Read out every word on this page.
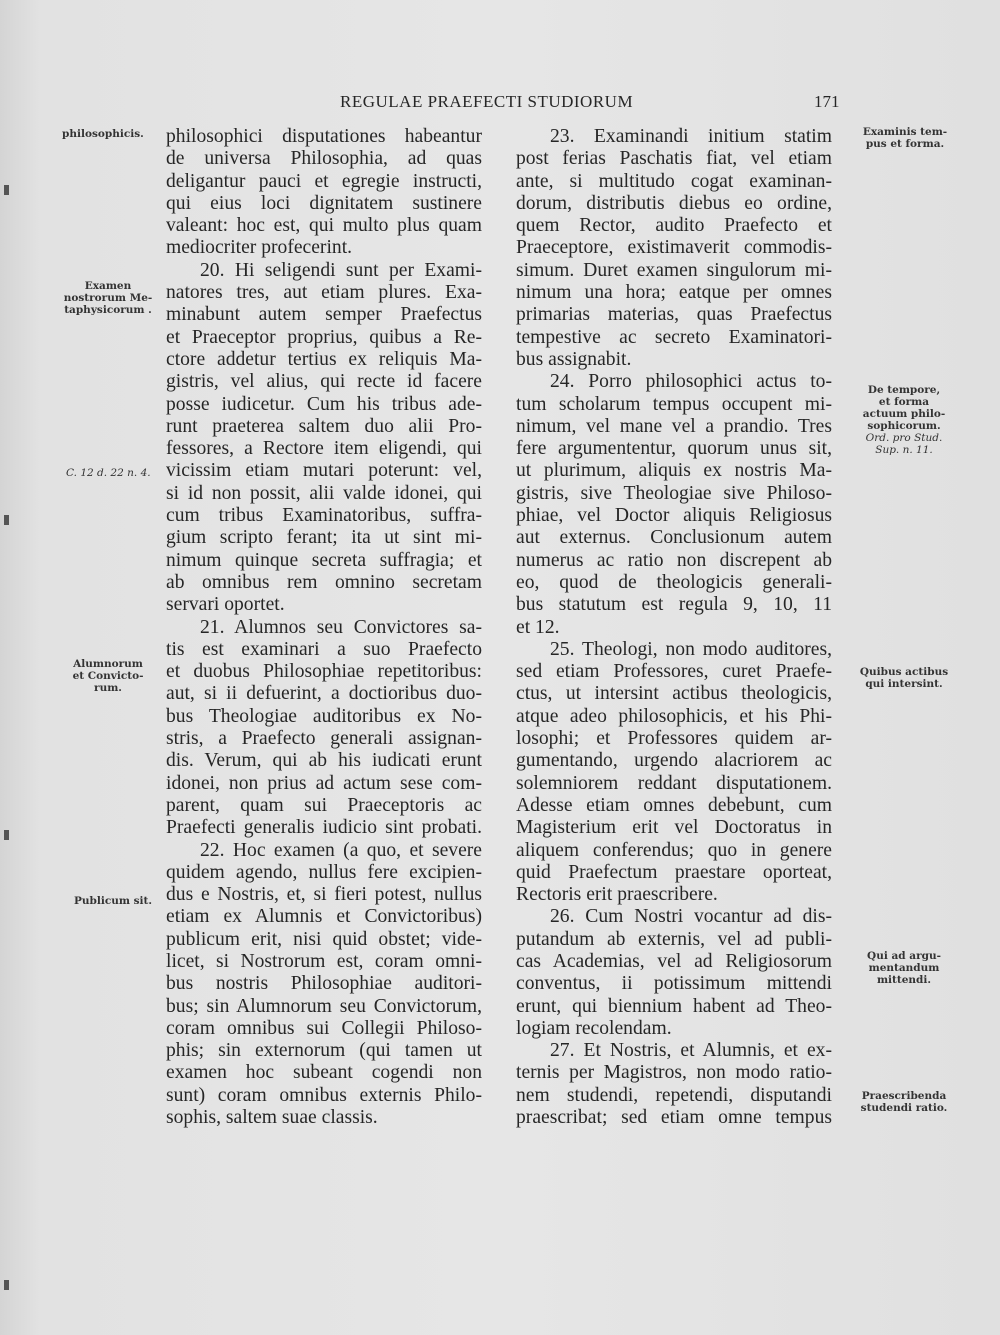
REGULAE PRAEFECTI STUDIORUM	171
philosophicis.
Examen
nostrorum Me-
taphysicorum .
C. 12 d. 22 n. 4.
Alumnorum
et Convicto-
rum.
Publicum sit.
Examinis tem-
pus et forma.
De tempore,
et forma
actuum philo-
sophicorum.
Ord. pro Stud.
Sup. n. 11.
Quibus actibus
qui intersint.
Qui ad argu-
mentandum
mittendi.
Praescribenda
studendi ratio.
philosophici disputationes habeantur
de universa Philosophia, ad quas
deligantur pauci et egregie instructi,
qui eius loci dignitatem sustinere
valeant: hoc est, qui multo plus quam
mediocriter profecerint.
20. Hi seligendi sunt per Exami-
natores tres, aut etiam plures. Exa-
minabunt autem semper Praefectus
et Praeceptor proprius, quibus a Re-
ctore addetur tertius ex reliquis Ma-
gistris, vel alius, qui recte id facere
posse iudicetur. Cum his tribus ade-
runt praeterea saltem duo alii Pro-
fessores, a Rectore item eligendi, qui
vicissim etiam mutari poterunt: vel,
si id non possit, alii valde idonei, qui
cum tribus Examinatoribus, suffra-
gium scripto ferant; ita ut sint mi-
nimum quinque secreta suffragia; et
ab omnibus rem omnino secretam
servari oportet.
21. Alumnos seu Convictores sa-
tis est examinari a suo Praefecto
et duobus Philosophiae repetitoribus:
aut, si ii defuerint, a doctioribus duo-
bus Theologiae auditoribus ex No-
stris, a Praefecto generali assignan-
dis. Verum, qui ab his iudicati erunt
idonei, non prius ad actum sese com-
parent, quam sui Praeceptoris ac
Praefecti generalis iudicio sint probati.
22. Hoc examen (a quo, et severe
quidem agendo, nullus fere excipien-
dus e Nostris, et, si fieri potest, nullus
etiam ex Alumnis et Convictoribus)
publicum erit, nisi quid obstet; vide-
licet, si Nostrorum est, coram omni-
bus nostris Philosophiae auditori-
bus; sin Alumnorum seu Convictorum,
coram omnibus sui Collegii Philoso-
phis; sin externorum (qui tamen ut
examen hoc subeant cogendi non
sunt) coram omnibus externis Philo-
sophis, saltem suae classis.
23. Examinandi initium statim
post ferias Paschatis fiat, vel etiam
ante, si multitudo cogat examinan-
dorum, distributis diebus eo ordine,
quem Rector, audito Praefecto et
Praeceptore, existimaverit commodis-
simum. Duret examen singulorum mi-
nimum una hora; eatque per omnes
primarias materias, quas Praefectus
tempestive ac secreto Examinatori-
bus assignabit.
24. Porro philosophici actus to-
tum scholarum tempus occupent mi-
nimum, vel mane vel a prandio. Tres
fere argumententur, quorum unus sit,
ut plurimum, aliquis ex nostris Ma-
gistris, sive Theologiae sive Philoso-
phiae, vel Doctor aliquis Religiosus
aut externus. Conclusionum autem
numerus ac ratio non discrepent ab
eo, quod de theologicis generali-
bus statutum est regula 9, 10, 11
et 12.
25. Theologi, non modo auditores,
sed etiam Professores, curet Praefe-
ctus, ut intersint actibus theologicis,
atque adeo philosophicis, et his Phi-
losophi; et Professores quidem ar-
gumentando, urgendo alacriorem ac
solemniorem reddant disputationem.
Adesse etiam omnes debebunt, cum
Magisterium erit vel Doctoratus in
aliquem conferendus; quo in genere
quid Praefectum praestare oporteat,
Rectoris erit praescribere.
26. Cum Nostri vocantur ad dis-
putandum ab externis, vel ad publi-
cas Academias, vel ad Religiosorum
conventus, ii potissimum mittendi
erunt, qui biennium habent ad Theo-
logiam recolendam.
27. Et Nostris, et Alumnis, et ex-
ternis per Magistros, non modo ratio-
nem studendi, repetendi, disputandi
praescribat; sed etiam omne tempus
